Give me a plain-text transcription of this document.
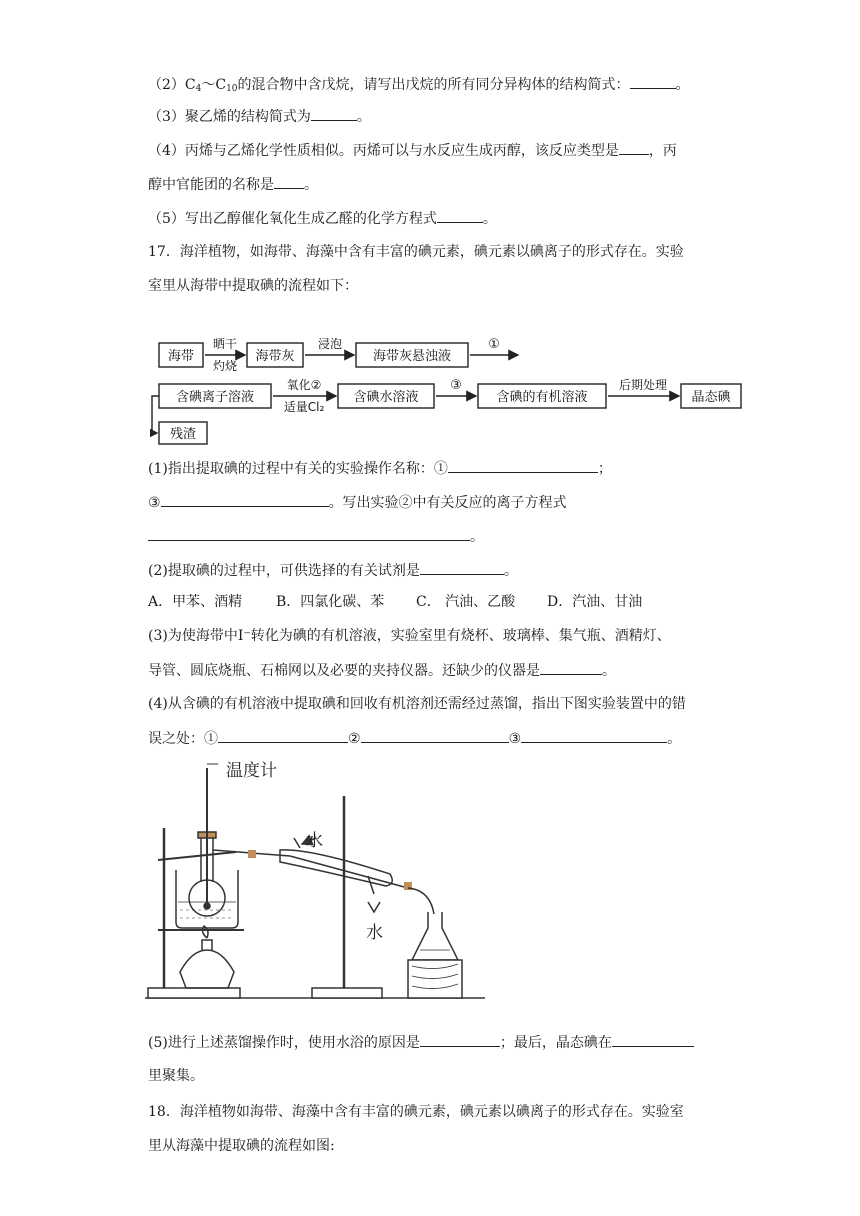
$(2)C_4\sim C_{10}$的混合物中含戊烷，请写出戊烷的所有同分异构体的结构简式：	。
（3）聚乙烯的结构简式为	。
（4）丙烯与乙烯化学性质相似。丙烯可以与水反应生成丙醇，该反应类型是 ，丙
醇中官能团的名称是 。
（5）写出乙醇催化氧化生成乙醛的化学方程式	。
17．海洋植物，如海带、海藻中含有丰富的碘元素，碘元素以碘离子的形式存在。实验
室里从海带中提取碘的流程如下：
海带
晒干
灼烧
海带灰
浸泡
海带灰悬浊液
①
含碘离子溶液
氧化②
适量Cl₂
含碘水溶液
③
含碘的有机溶液
后期处理
晶态碘
残渣
(1)指出提取碘的过程中有关的实验操作名称：①	；
③	。写出实验②中有关反应的离子方程式
。
(2)提取碘的过程中，可供选择的有关试剂是	。
A．甲苯、酒精 B．四氯化碳、苯 C． 汽油、乙酸 D．汽油、甘油
(3)为使海带中I⁻转化为碘的有机溶液，实验室里有烧杯、玻璃棒、集气瓶、酒精灯、
导管、圆底烧瓶、石棉网以及必要的夹持仪器。还缺少的仪器是	。
(4)从含碘的有机溶液中提取碘和回收有机溶剂还需经过蒸馏，指出下图实验装置中的错
误之处：①	②	③	。
温度计
水
水
(5)进行上述蒸馏操作时，使用水浴的原因是	；最后，晶态碘在
里聚集。
18．海洋植物如海带、海藻中含有丰富的碘元素，碘元素以碘离子的形式存在。实验室
里从海藻中提取碘的流程如图:
